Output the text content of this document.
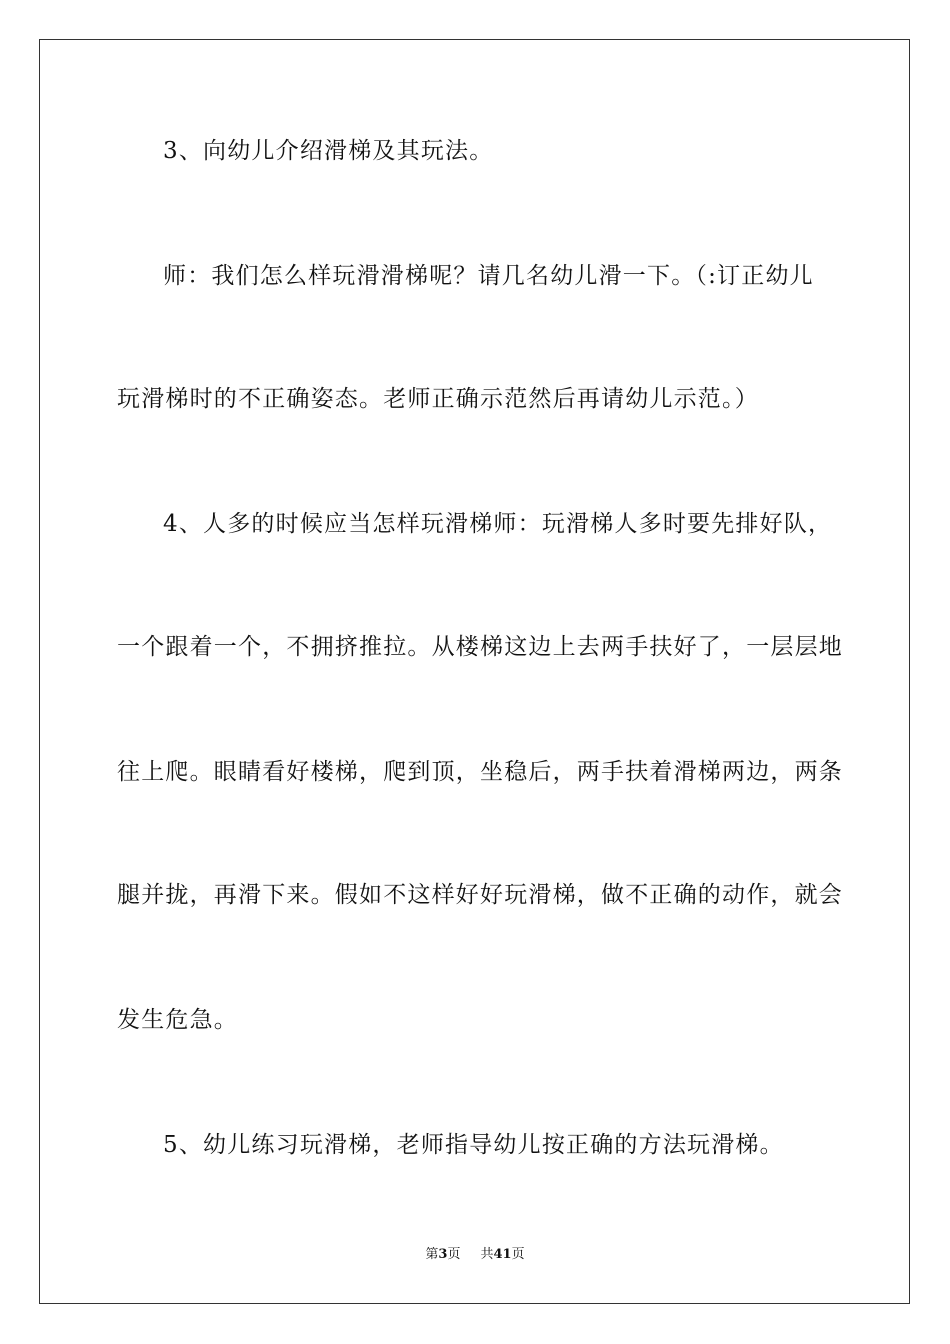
3、向幼儿介绍滑梯及其玩法。
师：我们怎么样玩滑滑梯呢？请几名幼儿滑一下。（:订正幼儿
玩滑梯时的不正确姿态。老师正确示范然后再请幼儿示范。）
4、人多的时候应当怎样玩滑梯师：玩滑梯人多时要先排好队，
一个跟着一个，不拥挤推拉。从楼梯这边上去两手扶好了，一层层地
往上爬。眼睛看好楼梯，爬到顶，坐稳后，两手扶着滑梯两边，两条
腿并拢，再滑下来。假如不这样好好玩滑梯，做不正确的动作，就会
发生危急。
5、幼儿练习玩滑梯，老师指导幼儿按正确的方法玩滑梯。
第3页 共41页
